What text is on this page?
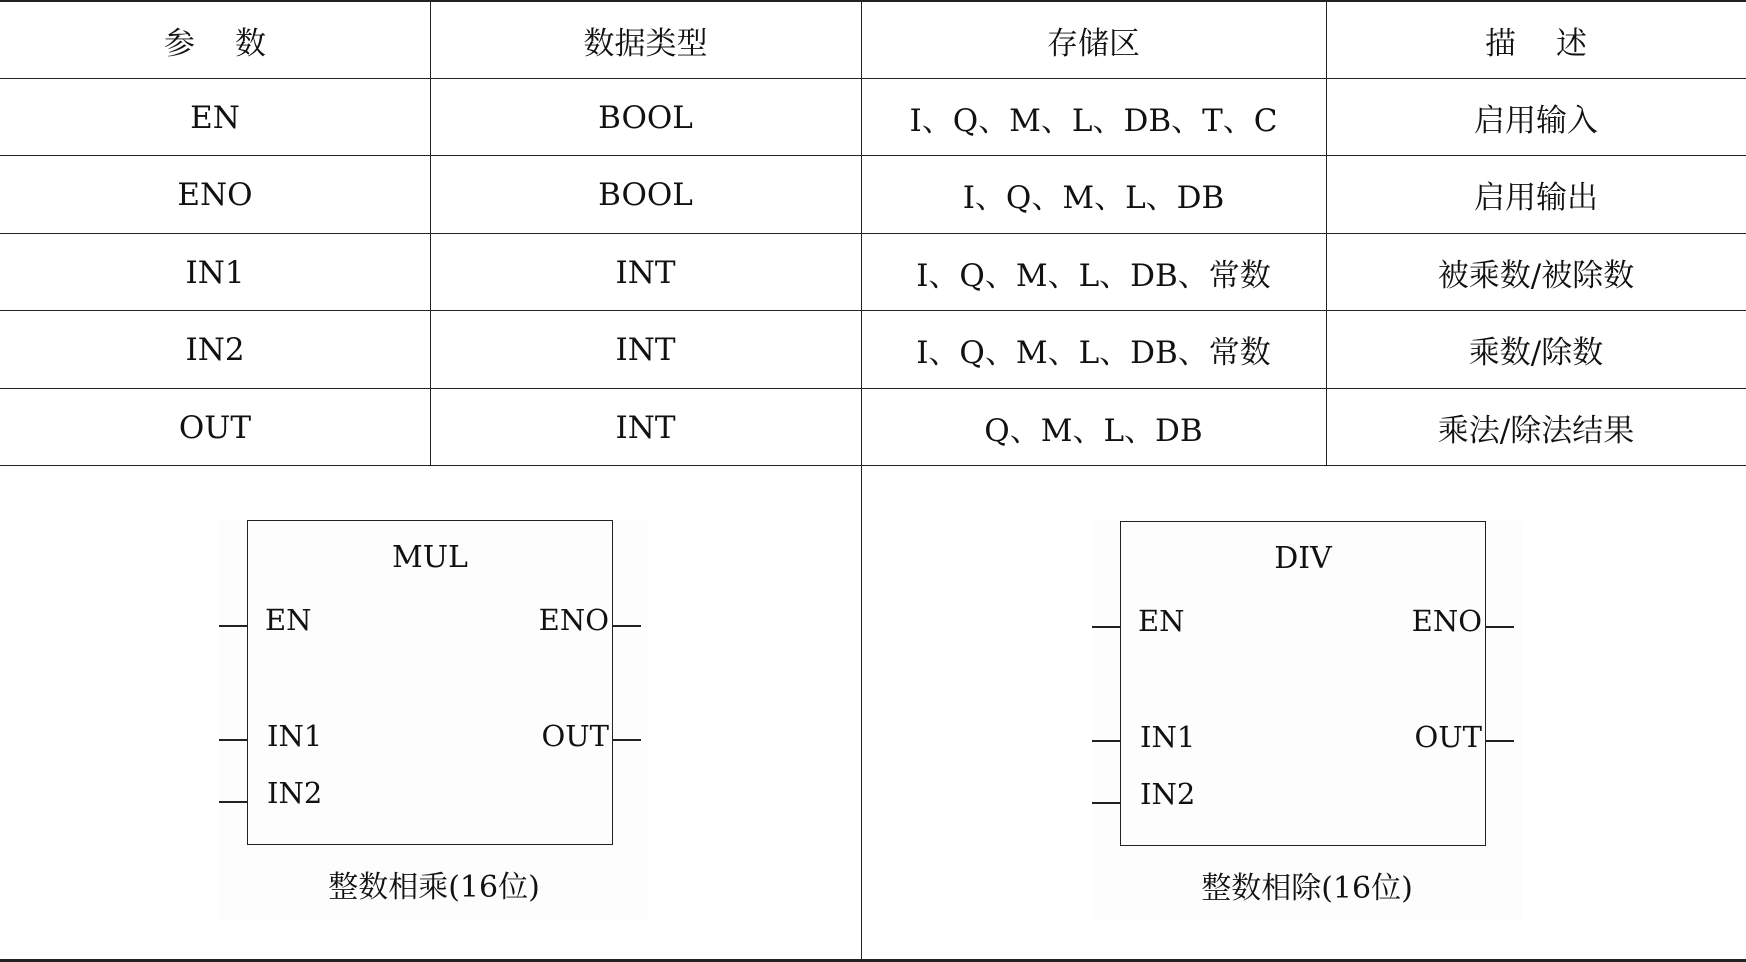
参数	数据类型	存储区	描述
EN	BOOL	I、Q、M、L、DB、T、C	启用输入
ENO	BOOL	I、Q、M、L、DB	启用输出
IN1	INT	I、Q、M、L、DB、常数	被乘数/被除数
IN2	INT	I、Q、M、L、DB、常数	乘数/除数
OUT	INT	Q、M、L、DB	乘法/除法结果
MUL
EN
IN1
IN2
ENO
OUT
整数相乘(16位)
DIV
EN
IN1
IN2
ENO
OUT
整数相除(16位)
